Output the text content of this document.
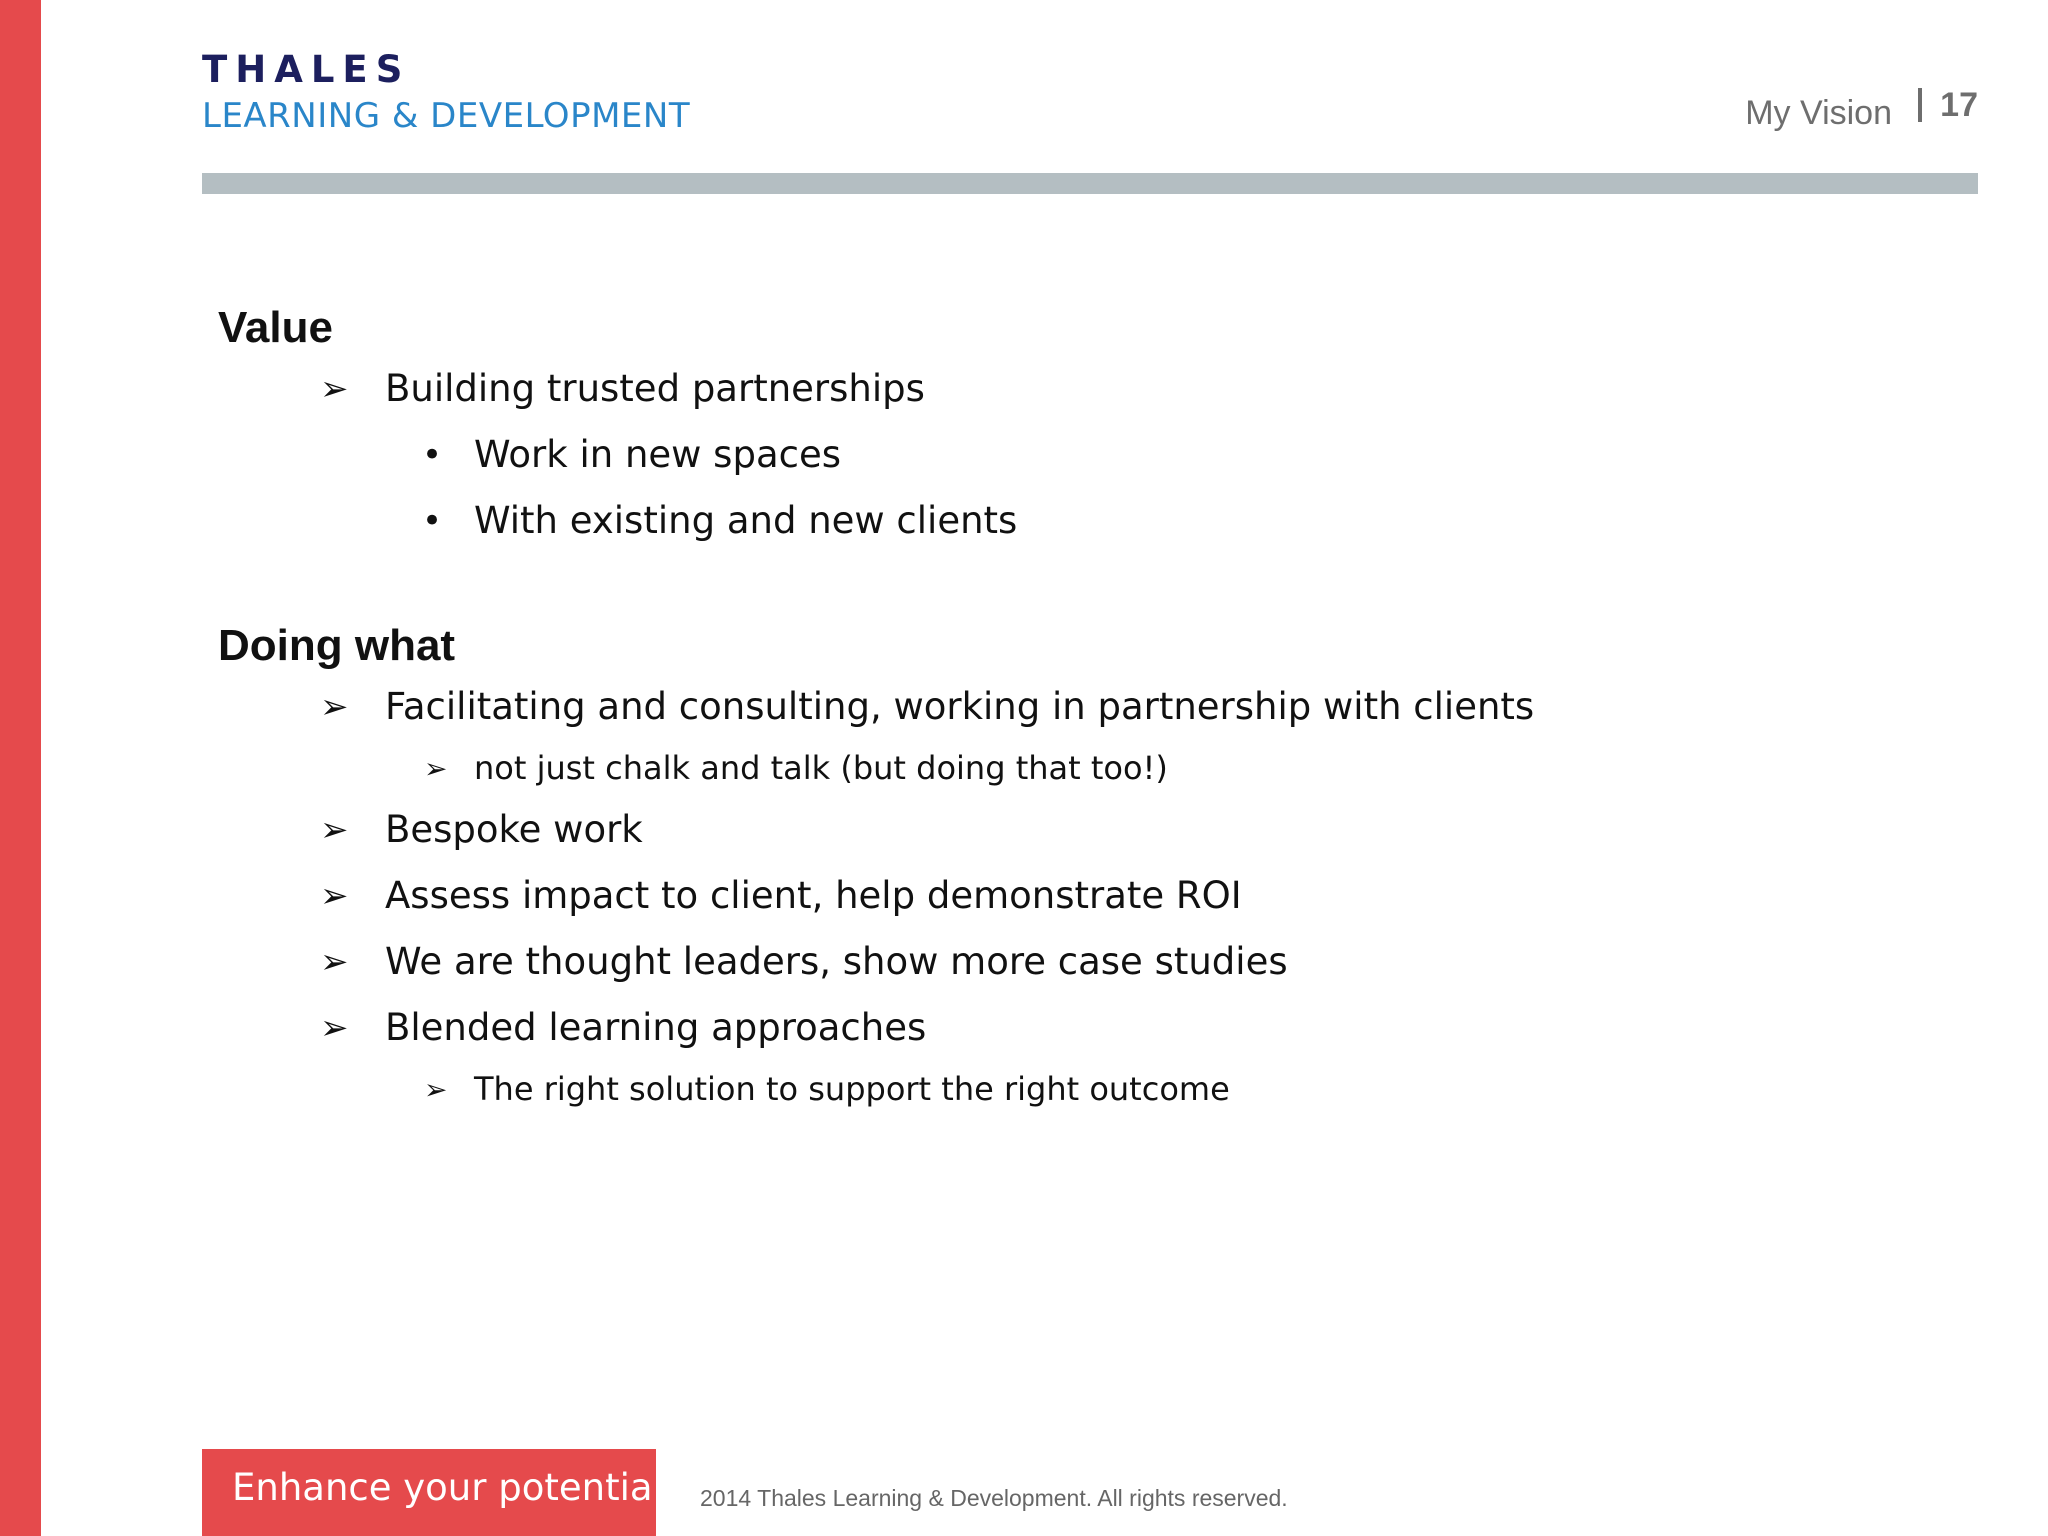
THALES
LEARNING & DEVELOPMENT	My Vision 17
Value
➢ Building trusted partnerships
• Work in new spaces
• With existing and new clients
Doing what
➢ Facilitating and consulting, working in partnership with clients
➢ not just chalk and talk (but doing that too!)
➢ Bespoke work
➢ Assess impact to client, help demonstrate ROI
➢ We are thought leaders, show more case studies
➢ Blended learning approaches
➢ The right solution to support the right outcome
Enhance your potential 2014 Thales Learning & Development. All rights reserved.
